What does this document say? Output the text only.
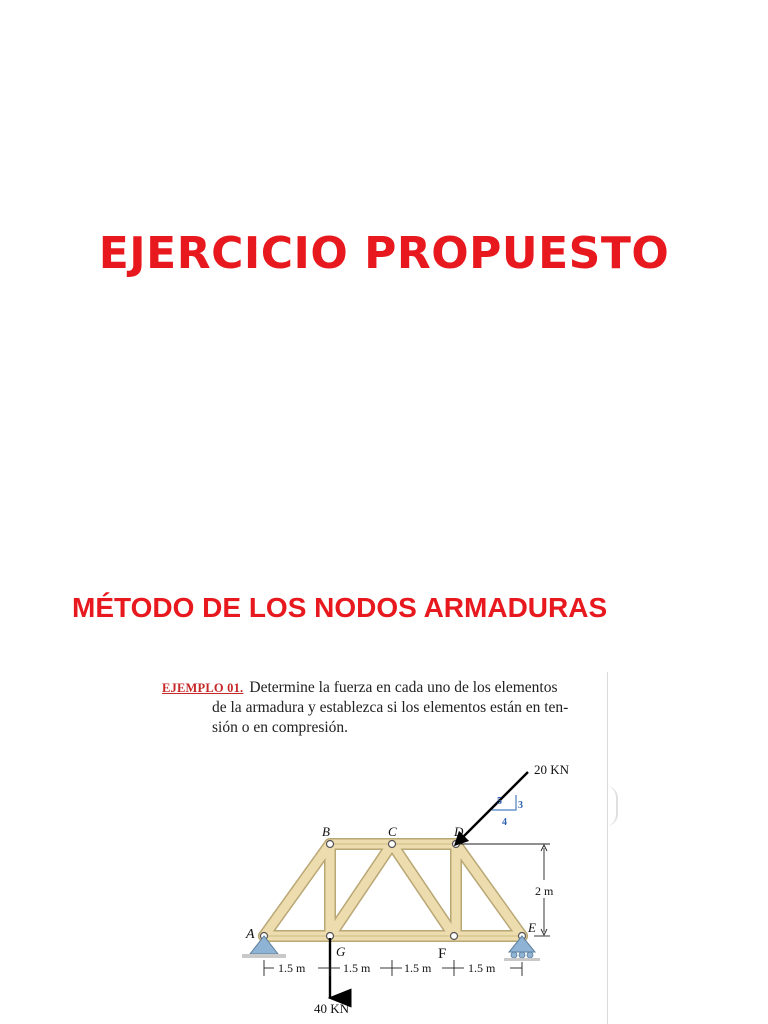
EJERCICIO PROPUESTO
MÉTODO DE LOS NODOS ARMADURAS
EJEMPLO 01. Determine la fuerza en cada uno de los elementos
de la armadura y establezca si los elementos están en ten-
sión o en compresión.
A
B	C	D
E
G	F
20 KN
5 3
4
40 KN
2 m
1.5 m	1.5 m	1.5 m	1.5 m
